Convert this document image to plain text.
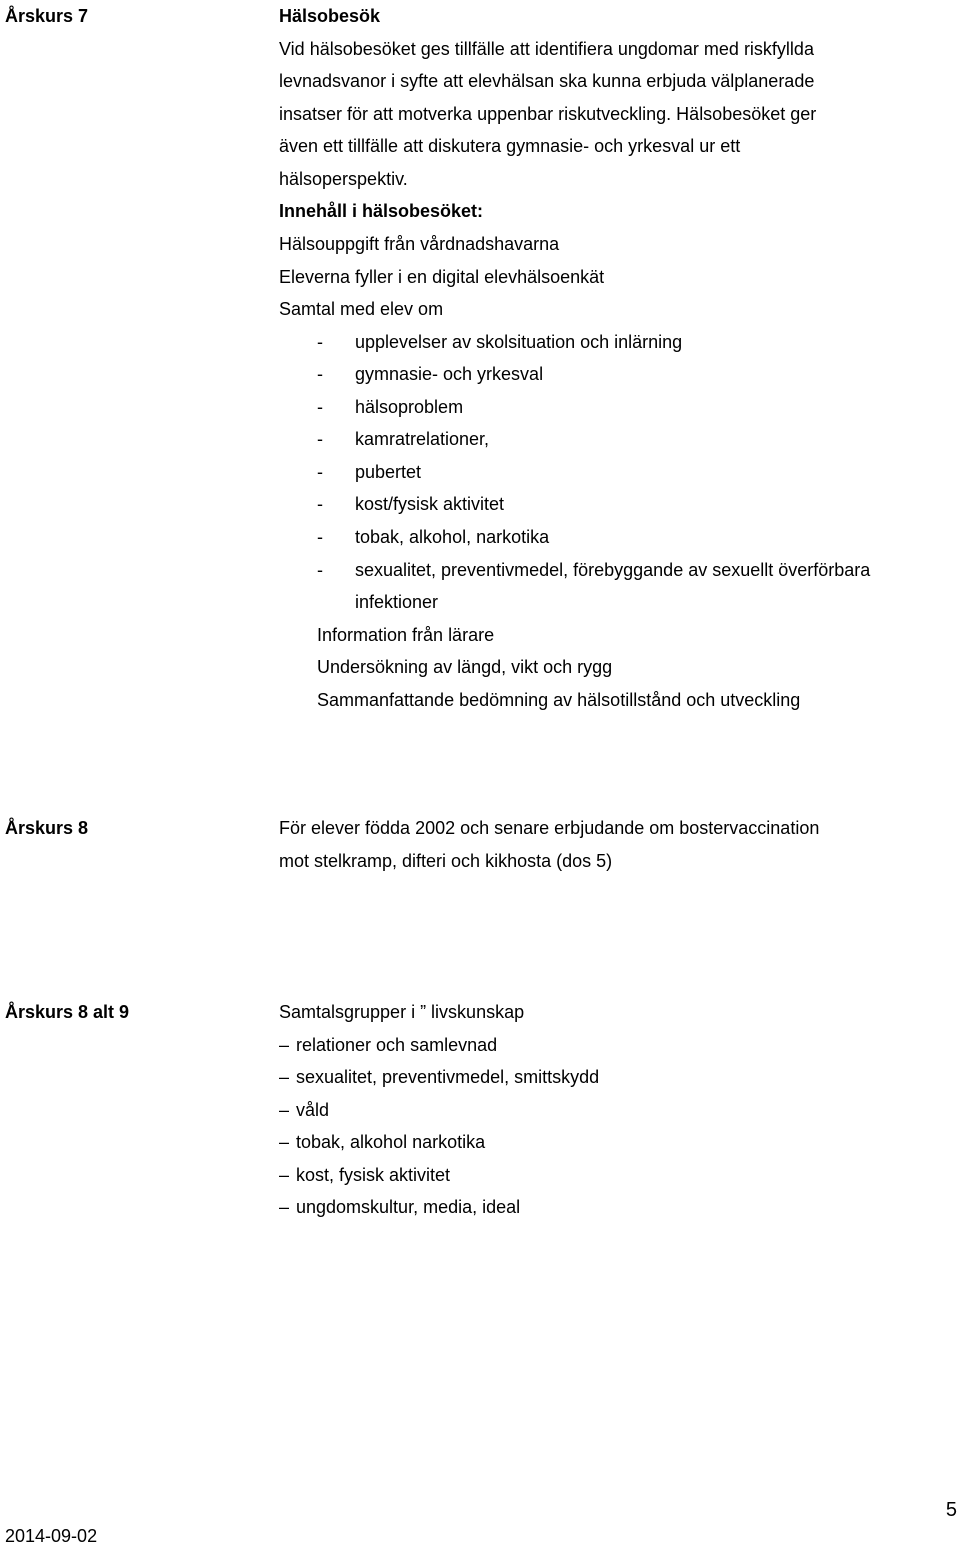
Årskurs 7	Hälsobesök
Vid hälsobesöket ges tillfälle att identifiera ungdomar med riskfyllda
levnadsvanor i syfte att elevhälsan ska kunna erbjuda välplanerade
insatser för att motverka uppenbar riskutveckling. Hälsobesöket ger
även ett tillfälle att diskutera gymnasie- och yrkesval ur ett
hälsoperspektiv.
Innehåll i hälsobesöket:
Hälsouppgift från vårdnadshavarna
Eleverna fyller i en digital elevhälsoenkät
Samtal med elev om
-	upplevelser av skolsituation och inlärning
-	gymnasie- och yrkesval
-	hälsoproblem
-	kamratrelationer,
-	pubertet
-	kost/fysisk aktivitet
-	tobak, alkohol, narkotika
-	sexualitet, preventivmedel, förebyggande av sexuellt överförbara infektioner
Information från lärare
Undersökning av längd, vikt och rygg
Sammanfattande bedömning av hälsotillstånd och utveckling
Årskurs 8	För elever födda 2002 och senare erbjudande om bostervaccination
mot stelkramp, difteri och kikhosta (dos 5)
Årskurs 8 alt 9	Samtalsgrupper i ” livskunskap
– relationer och samlevnad
– sexualitet, preventivmedel, smittskydd
– våld
– tobak, alkohol narkotika
– kost, fysisk aktivitet
– ungdomskultur, media, ideal
5
2014-09-02
